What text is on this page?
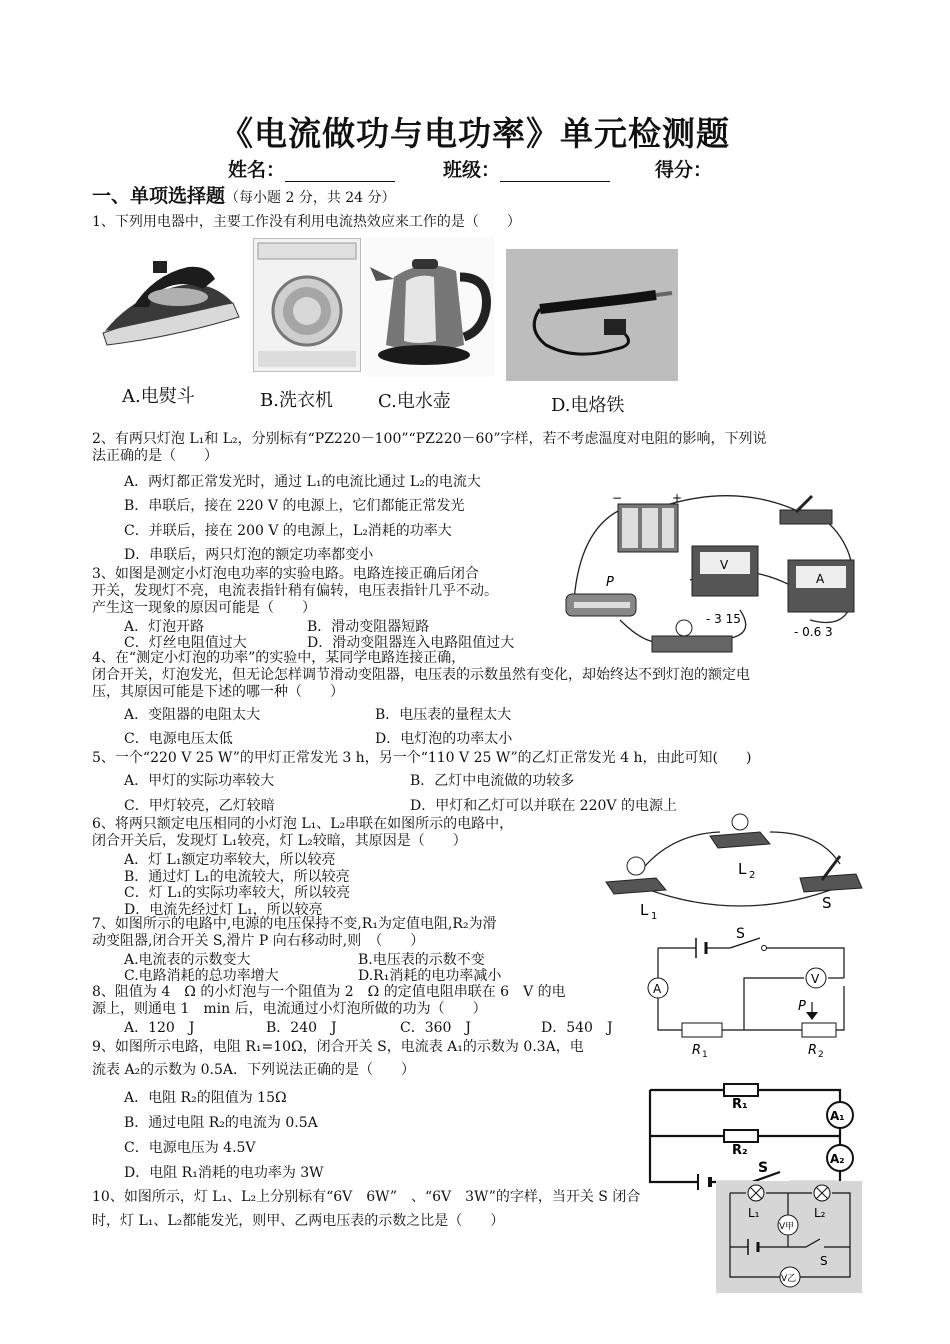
《电流做功与电功率》单元检测题
姓名：	班级：	得分：
一、单项选择题（每小题 2 分，共 24 分）
1、下列用电器中，主要工作没有利用电流热效应来工作的是（　　）
A.电熨斗	B.洗衣机	C.电水壶	D.电烙铁
2、有两只灯泡 L₁和 L₂，分别标有“PZ220－100”“PZ220－60”字样，若不考虑温度对电阻的影响，下列说
法正确的是（　　）
A．两灯都正常发光时，通过 L₁的电流比通过 L₂的电流大
B．串联后，接在 220 V 的电源上，它们都能正常发光
C．并联后，接在 200 V 的电源上，L₂消耗的功率大
D．串联后，两只灯泡的额定功率都变小
−	+
V
- 3 15
A
- 0.6 3
P
3、如图是测定小灯泡电功率的实验电路。电路连接正确后闭合
开关，发现灯不亮，电流表指针稍有偏转，电压表指针几乎不动。
产生这一现象的原因可能是（　　）
A．灯泡开路	B．滑动变阻器短路
C．灯丝电阻值过大	D．滑动变阻器连入电路阻值过大
4、在“测定小灯泡的功率”的实验中，某同学电路连接正确，
闭合开关，灯泡发光，但无论怎样调节滑动变阻器，电压表的示数虽然有变化，却始终达不到灯泡的额定电
压，其原因可能是下述的哪一种（　　）
A．变阻器的电阻太大	B．电压表的量程太大
C．电源电压太低	D．电灯泡的功率太小
5、一个“220 V 25 W”的甲灯正常发光 3 h，另一个“110 V 25 W”的乙灯正常发光 4 h，由此可知(　　)
A．甲灯的实际功率较大	B．乙灯中电流做的功较多
C．甲灯较亮，乙灯较暗	D．甲灯和乙灯可以并联在 220V 的电源上
6、将两只额定电压相同的小灯泡 L₁、L₂串联在如图所示的电路中，
闭合开关后，发现灯 L₁较亮，灯 L₂较暗，其原因是（　　）
A．灯 L₁额定功率较大，所以较亮
B．通过灯 L₁的电流较大，所以较亮
C．灯 L₁的实际功率较大，所以较亮
D．电流先经过灯 L₁，所以较亮	L 1
L 2
S
7、如图所示的电路中,电源的电压保持不变,R₁为定值电阻,R₂为滑
动变阻器,闭合开关 S,滑片 P 向右移动时,则　（　　）
A.电流表的示数变大	B.电压表的示数不变
C.电路消耗的总功率增大	D.R₁消耗的电功率减小
S
A
V
P
R 1	R 2
8、阻值为 4　Ω 的小灯泡与一个阻值为 2　Ω 的定值电阻串联在 6　V 的电
源上，则通电 1　min 后，电流通过小灯泡所做的功为（　　）
A．120　J	B．240　J	C．360　J	D．540　J
9、如图所示电路，电阻 R₁=10Ω，闭合开关 S，电流表 A₁的示数为 0.3A，电
流表 A₂的示数为 0.5A．下列说法正确的是（　　）
A．电阻 R₂的阻值为 15Ω
B．通过电阻 R₂的电流为 0.5A
C．电源电压为 4.5V
D．电阻 R₁消耗的电功率为 3W
R₁
R₂
A₁
A₂
S
10、如图所示，灯 L₁、L₂上分别标有“6V　6W”　、“6V　3W”的字样，当开关 S 闭合
时，灯 L₁、L₂都能发光，则甲、乙两电压表的示数之比是（　　）	L₁	L₂
V甲
S
V乙
